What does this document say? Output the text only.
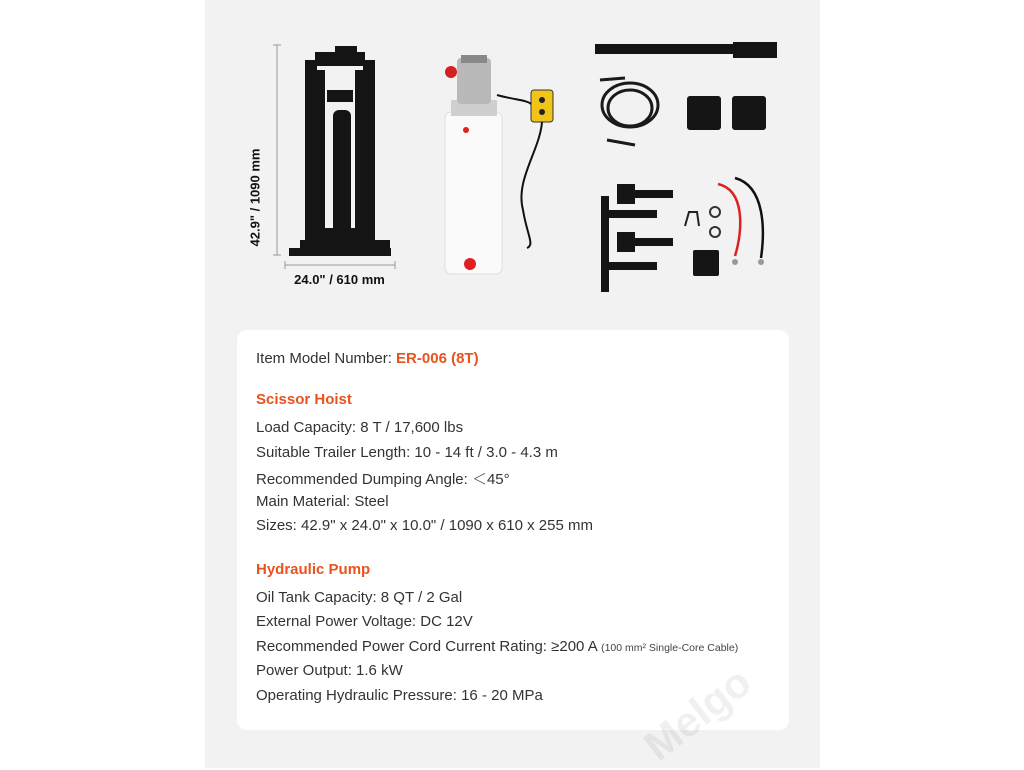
42.9" / 1090 mm
24.0" / 610 mm
Melgo
Item Model Number: ER-006 (8T)
Scissor Hoist
Load Capacity: 8 T / 17,600 lbs
Suitable Trailer Length: 10 - 14 ft / 3.0 - 4.3 m
Recommended Dumping Angle: ＜45°
Main Material: Steel
Sizes: 42.9" x 24.0" x 10.0" / 1090 x 610 x 255 mm
Hydraulic Pump
Oil Tank Capacity: 8 QT / 2 Gal
External Power Voltage: DC 12V
Recommended Power Cord Current Rating: ≥200 A (100 mm² Single-Core Cable)
Power Output: 1.6 kW
Operating Hydraulic Pressure: 16 - 20 MPa
